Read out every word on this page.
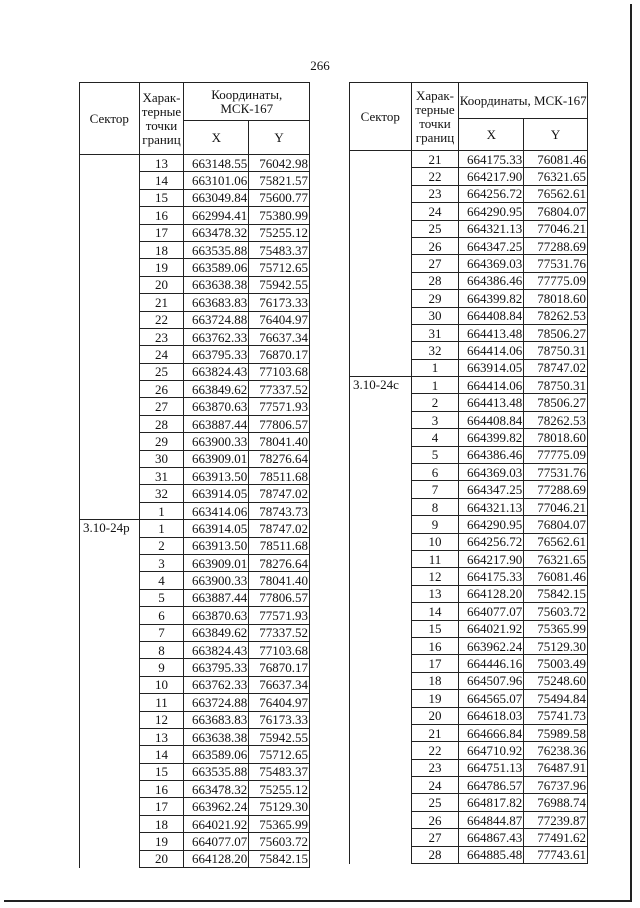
266
Сектор	Харак-терные точки границ	Координаты, МСК-167	
		X	Y
	13	663148.55	76042.98
	14	663101.06	75821.57
	15	663049.84	75600.77
	16	662994.41	75380.99
	17	663478.32	75255.12
	18	663535.88	75483.37
	19	663589.06	75712.65
	20	663638.38	75942.55
	21	663683.83	76173.33
	22	663724.88	76404.97
	23	663762.33	76637.34
	24	663795.33	76870.17
	25	663824.43	77103.68
	26	663849.62	77337.52
	27	663870.63	77571.93
	28	663887.44	77806.57
	29	663900.33	78041.40
	30	663909.01	78276.64
	31	663913.50	78511.68
	32	663914.05	78747.02
	1	663414.06	78743.73
3.10-24р	1	663914.05	78747.02
	2	663913.50	78511.68
	3	663909.01	78276.64
	4	663900.33	78041.40
	5	663887.44	77806.57
	6	663870.63	77571.93
	7	663849.62	77337.52
	8	663824.43	77103.68
	9	663795.33	76870.17
	10	663762.33	76637.34
	11	663724.88	76404.97
	12	663683.83	76173.33
	13	663638.38	75942.55
	14	663589.06	75712.65
	15	663535.88	75483.37
	16	663478.32	75255.12
	17	663962.24	75129.30
	18	664021.92	75365.99
	19	664077.07	75603.72
	20	664128.20	75842.15
Сектор	Харак-терные точки границ	Координаты, МСК-167	
		X	Y
	21	664175.33	76081.46
	22	664217.90	76321.65
	23	664256.72	76562.61
	24	664290.95	76804.07
	25	664321.13	77046.21
	26	664347.25	77288.69
	27	664369.03	77531.76
	28	664386.46	77775.09
	29	664399.82	78018.60
	30	664408.84	78262.53
	31	664413.48	78506.27
	32	664414.06	78750.31
	1	663914.05	78747.02
3.10-24с	1	664414.06	78750.31
	2	664413.48	78506.27
	3	664408.84	78262.53
	4	664399.82	78018.60
	5	664386.46	77775.09
	6	664369.03	77531.76
	7	664347.25	77288.69
	8	664321.13	77046.21
	9	664290.95	76804.07
	10	664256.72	76562.61
	11	664217.90	76321.65
	12	664175.33	76081.46
	13	664128.20	75842.15
	14	664077.07	75603.72
	15	664021.92	75365.99
	16	663962.24	75129.30
	17	664446.16	75003.49
	18	664507.96	75248.60
	19	664565.07	75494.84
	20	664618.03	75741.73
	21	664666.84	75989.58
	22	664710.92	76238.36
	23	664751.13	76487.91
	24	664786.57	76737.96
	25	664817.82	76988.74
	26	664844.87	77239.87
	27	664867.43	77491.62
	28	664885.48	77743.61
